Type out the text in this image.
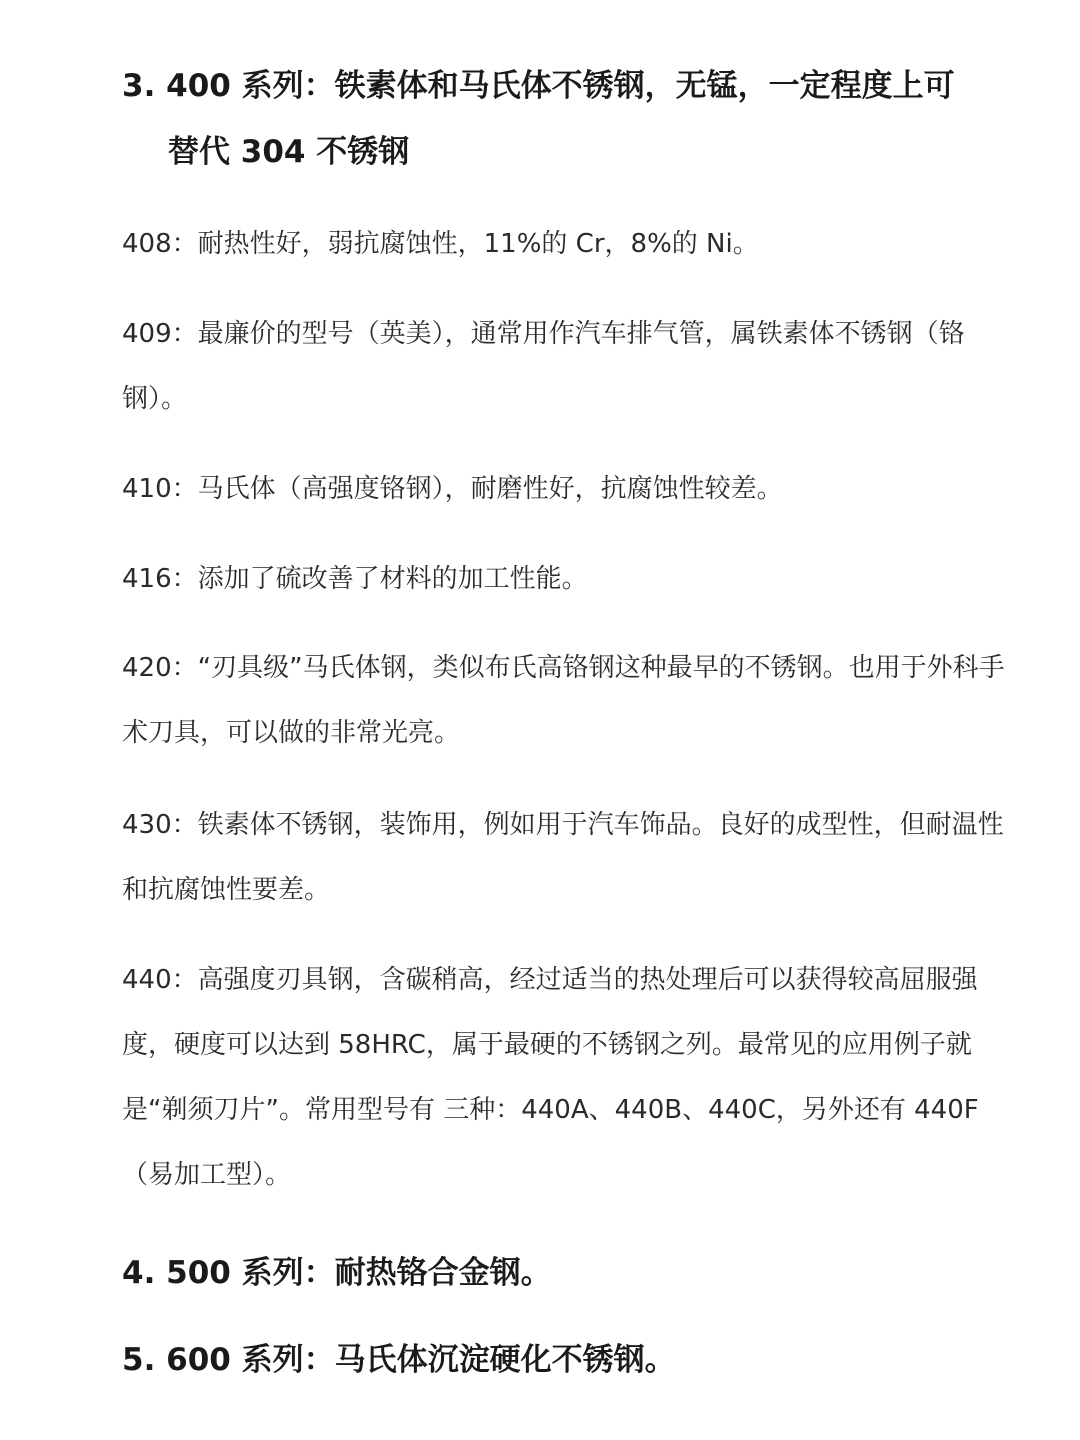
3. 400 系列：铁素体和马氏体不锈钢，无锰，一定程度上可
替代 304 不锈钢

408：耐热性好，弱抗腐蚀性，11%的 Cr，8%的 Ni。

409：最廉价的型号（英美），通常用作汽车排气管，属铁素体不锈钢（铬钢）。

410：马氏体（高强度铬钢），耐磨性好，抗腐蚀性较差。

416：添加了硫改善了材料的加工性能。

420：“刃具级”马氏体钢，类似布氏高铬钢这种最早的不锈钢。也用于外科手术刀具，可以做的非常光亮。

430：铁素体不锈钢，装饰用，例如用于汽车饰品。良好的成型性，但耐温性和抗腐蚀性要差。

440：高强度刃具钢，含碳稍高，经过适当的热处理后可以获得较高屈服强度，硬度可以达到 58HRC，属于最硬的不锈钢之列。最常见的应用例子就是“剃须刀片”。常用型号有 三种：440A、440B、440C，另外还有 440F（易加工型）。

4. 500 系列：耐热铬合金钢。
5. 600 系列：马氏体沉淀硬化不锈钢。
